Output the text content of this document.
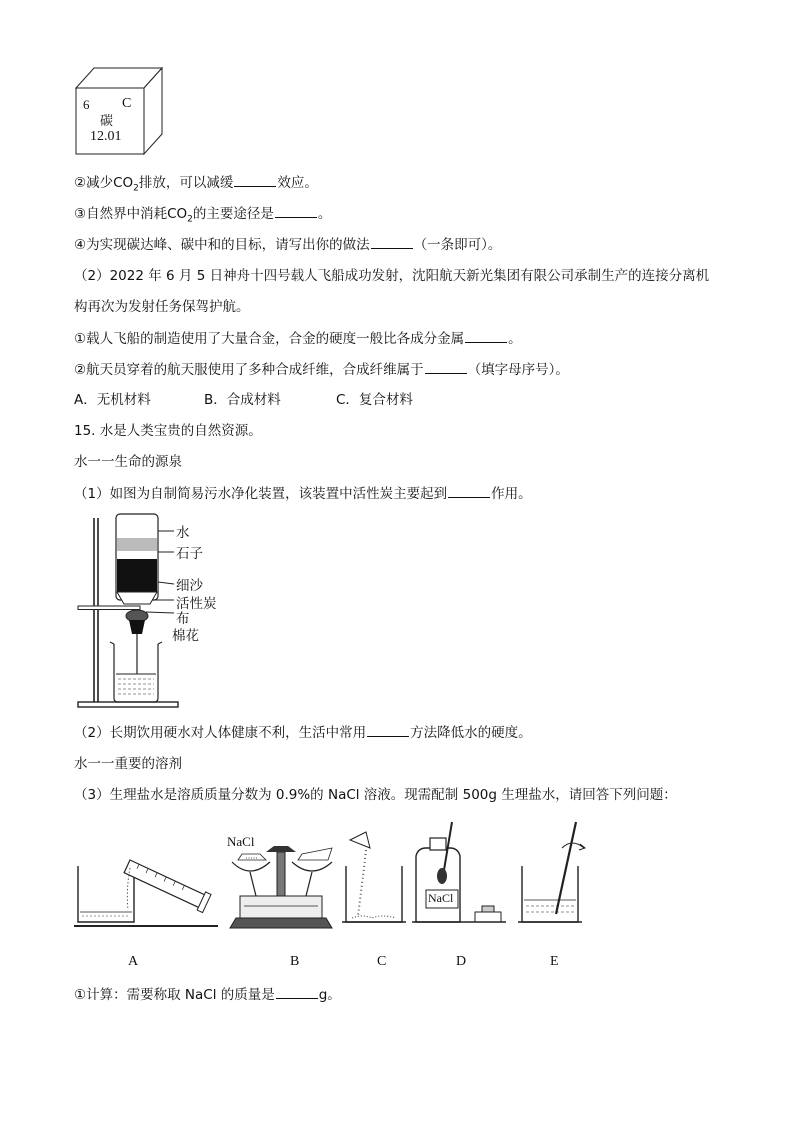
6 C
碳
12.01
②减少$CO_2$排放，可以减缓	效应。
③自然界中消耗$CO_2$的主要途径是	。
④为实现碳达峰、碳中和的目标，请写出你的做法	（一条即可）。
（2）2022 年 6 月 5 日神舟十四号载人飞船成功发射，沈阳航天新光集团有限公司承制生产的连接分离机
构再次为发射任务保驾护航。
①载人飞船的制造使用了大量合金，合金的硬度一般比各成分金属	。
②航天员穿着的航天服使用了多种合成纤维，合成纤维属于	（填字母序号）。
A．无机材料	B．合成材料	C．复合材料
15. 水是人类宝贵的自然资源。
水一一生命的源泉
（1）如图为自制简易污水净化装置，该装置中活性炭主要起到	作用。
水
石子
细沙
活性炭
布
棉花
（2）长期饮用硬水对人体健康不利，生活中常用	方法降低水的硬度。
水一一重要的溶剂
（3）生理盐水是溶质质量分数为 0.9%的 NaCl 溶液。现需配制 500g 生理盐水，请回答下列问题：
NaCl
NaCl
A	B	C	D	E
①计算：需要称取 NaCl 的质量是	g。
